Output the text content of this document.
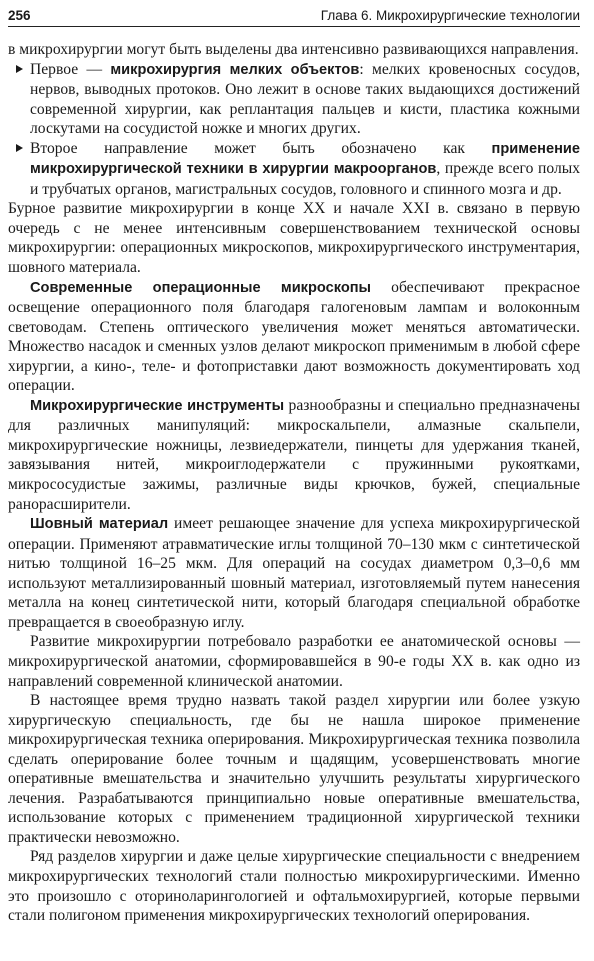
256	Глава 6. Микрохирургические технологии

в микрохирургии могут быть выделены два интенсивно развивающихся направления.

Первое — микрохирургия мелких объектов: мелких кровеносных сосудов, нервов, выводных протоков. Оно лежит в основе таких выдающихся достижений современной хирургии, как реплантация пальцев и кисти, пластика кожными лоскутами на сосудистой ножке и многих других.

Второе направление может быть обозначено как применение микрохирургической техники в хирургии макроорганов, прежде всего полых и трубчатых органов, магистральных сосудов, головного и спинного мозга и др.

Бурное развитие микрохирургии в конце XX и начале XXI в. связано в первую очередь с не менее интенсивным совершенствованием технической основы микрохирургии: операционных микроскопов, микрохирургического инструментария, шовного материала.

Современные операционные микроскопы обеспечивают прекрасное освещение операционного поля благодаря галогеновым лампам и волоконным световодам. Степень оптического увеличения может меняться автоматически. Множество насадок и сменных узлов делают микроскоп применимым в любой сфере хирургии, а кино-, теле- и фотоприставки дают возможность документировать ход операции.

Микрохирургические инструменты разнообразны и специально предназначены для различных манипуляций: микроскальпели, алмазные скальпели, микрохирургические ножницы, лезвиедержатели, пинцеты для удержания тканей, завязывания нитей, микроиглодержатели с пружинными рукоятками, микрососудистые зажимы, различные виды крючков, бужей, специальные ранорасширители.

Шовный материал имеет решающее значение для успеха микрохирургической операции. Применяют атравматические иглы толщиной 70–130 мкм с синтетической нитью толщиной 16–25 мкм. Для операций на сосудах диаметром 0,3–0,6 мм используют металлизированный шовный материал, изготовляемый путем нанесения металла на конец синтетической нити, который благодаря специальной обработке превращается в своеобразную иглу.

Развитие микрохирургии потребовало разработки ее анатомической основы — микрохирургической анатомии, сформировавшейся в 90-е годы XX в. как одно из направлений современной клинической анатомии.

В настоящее время трудно назвать такой раздел хирургии или более узкую хирургическую специальность, где бы не нашла широкое применение микрохирургическая техника оперирования. Микрохирургическая техника позволила сделать оперирование более точным и щадящим, усовершенствовать многие оперативные вмешательства и значительно улучшить результаты хирургического лечения. Разрабатываются принципиально новые оперативные вмешательства, использование которых с применением традиционной хирургической техники практически невозможно.

Ряд разделов хирургии и даже целые хирургические специальности с внедрением микрохирургических технологий стали полностью микрохирургическими. Именно это произошло с оториноларингологией и офтальмохирургией, которые первыми стали полигоном применения микрохирургических технологий оперирования.
